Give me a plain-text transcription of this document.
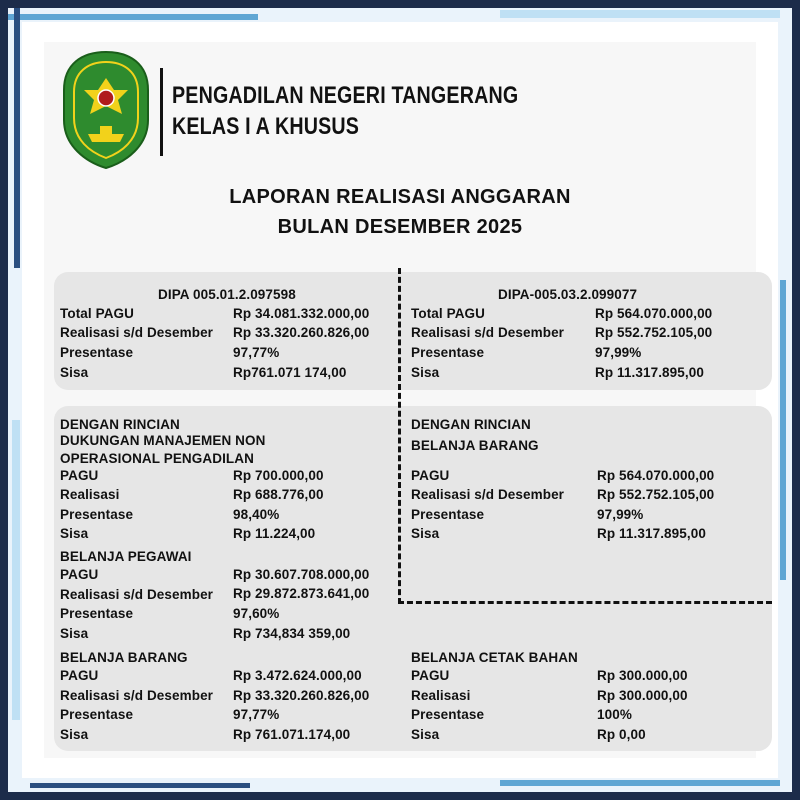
PENGADILAN NEGERI TANGERANG
KELAS I A KHUSUS
LAPORAN REALISASI ANGGARAN
BULAN DESEMBER 2025
DIPA 005.01.2.097598
Total PAGU	Rp 34.081.332.000,00
Realisasi s/d Desember Rp 33.320.260.826,00
Presentase	97,77%
Sisa	Rp761.071 174,00
DIPA-005.03.2.099077
Total PAGU	Rp 564.070.000,00
Realisasi s/d Desember Rp 552.752.105,00
Presentase	97,99%
Sisa	Rp 11.317.895,00
DENGAN RINCIAN
DUKUNGAN MANAJEMEN NON
OPERASIONAL PENGADILAN
PAGU	Rp 700.000,00
Realisasi	Rp 688.776,00
Presentase	98,40%
Sisa	Rp 11.224,00
BELANJA PEGAWAI
PAGU	Rp 30.607.708.000,00
Realisasi s/d Desember Rp 29.872.873.641,00
Presentase	97,60%
Sisa	Rp 734,834 359,00
BELANJA BARANG
PAGU	Rp 3.472.624.000,00
Realisasi s/d Desember Rp 33.320.260.826,00
Presentase	97,77%
Sisa	Rp 761.071.174,00
DENGAN RINCIAN
BELANJA BARANG
PAGU	Rp 564.070.000,00
Realisasi s/d Desember Rp 552.752.105,00
Presentase	97,99%
Sisa	Rp 11.317.895,00
BELANJA CETAK BAHAN
PAGU	Rp 300.000,00
Realisasi	Rp 300.000,00
Presentase	100%
Sisa	Rp 0,00
